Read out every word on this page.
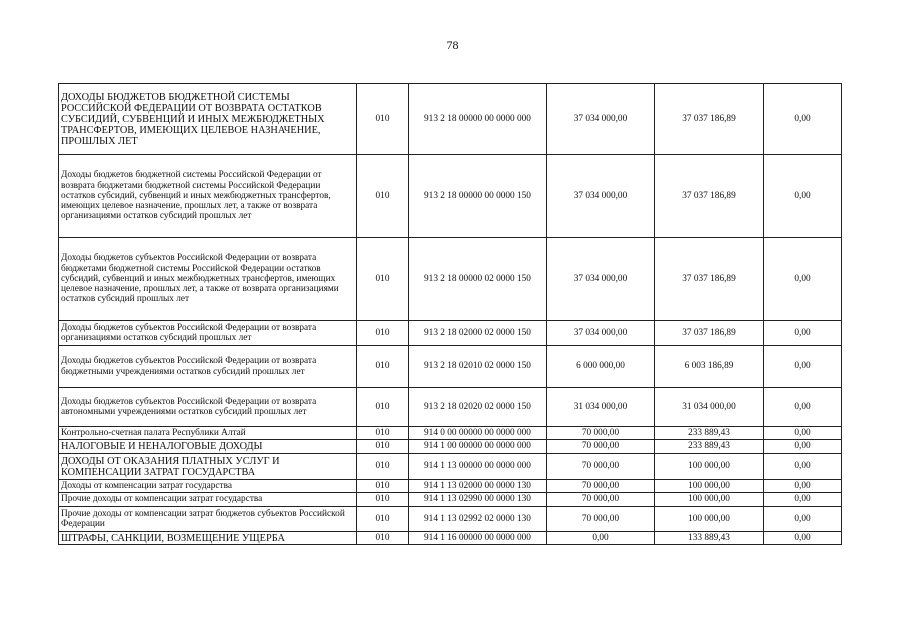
78
ДОХОДЫ БЮДЖЕТОВ БЮДЖЕТНОЙ СИСТЕМЫ РОССИЙСКОЙ ФЕДЕРАЦИИ ОТ ВОЗВРАТА ОСТАТКОВ СУБСИДИЙ, СУБВЕНЦИЙ И ИНЫХ МЕЖБЮДЖЕТНЫХ ТРАНСФЕРТОВ, ИМЕЮЩИХ ЦЕЛЕВОЕ НАЗНАЧЕНИЕ, ПРОШЛЫХ ЛЕТ	010	913 2 18 00000 00 0000 000	37 034 000,00	37 037 186,89	0,00
Доходы бюджетов бюджетной системы Российской Федерации от возврата бюджетами бюджетной системы Российской Федерации остатков субсидий, субвенций и иных межбюджетных трансфертов, имеющих целевое назначение, прошлых лет, а также от возврата организациями остатков субсидий прошлых лет	010	913 2 18 00000 00 0000 150	37 034 000,00	37 037 186,89	0,00
Доходы бюджетов субъектов Российской Федерации от возврата бюджетами бюджетной системы Российской Федерации остатков субсидий, субвенций и иных межбюджетных трансфертов, имеющих целевое назначение, прошлых лет, а также от возврата организациями остатков субсидий прошлых лет	010	913 2 18 00000 02 0000 150	37 034 000,00	37 037 186,89	0,00
Доходы бюджетов субъектов Российской Федерации от возврата организациями остатков субсидий прошлых лет	010	913 2 18 02000 02 0000 150	37 034 000,00	37 037 186,89	0,00
Доходы бюджетов субъектов Российской Федерации от возврата бюджетными учреждениями остатков субсидий прошлых лет	010	913 2 18 02010 02 0000 150	6 000 000,00	6 003 186,89	0,00
Доходы бюджетов субъектов Российской Федерации от возврата автономными учреждениями остатков субсидий прошлых лет	010	913 2 18 02020 02 0000 150	31 034 000,00	31 034 000,00	0,00
Контрольно-счетная палата Республики Алтай	010	914 0 00 00000 00 0000 000	70 000,00	233 889,43	0,00
НАЛОГОВЫЕ И НЕНАЛОГОВЫЕ ДОХОДЫ	010	914 1 00 00000 00 0000 000	70 000,00	233 889,43	0,00
ДОХОДЫ ОТ ОКАЗАНИЯ ПЛАТНЫХ УСЛУГ И КОМПЕНСАЦИИ ЗАТРАТ ГОСУДАРСТВА	010	914 1 13 00000 00 0000 000	70 000,00	100 000,00	0,00
Доходы от компенсации затрат государства	010	914 1 13 02000 00 0000 130	70 000,00	100 000,00	0,00
Прочие доходы от компенсации затрат государства	010	914 1 13 02990 00 0000 130	70 000,00	100 000,00	0,00
Прочие доходы от компенсации затрат бюджетов субъектов Российской Федерации	010	914 1 13 02992 02 0000 130	70 000,00	100 000,00	0,00
ШТРАФЫ, САНКЦИИ, ВОЗМЕЩЕНИЕ УЩЕРБА	010	914 1 16 00000 00 0000 000	0,00	133 889,43	0,00
